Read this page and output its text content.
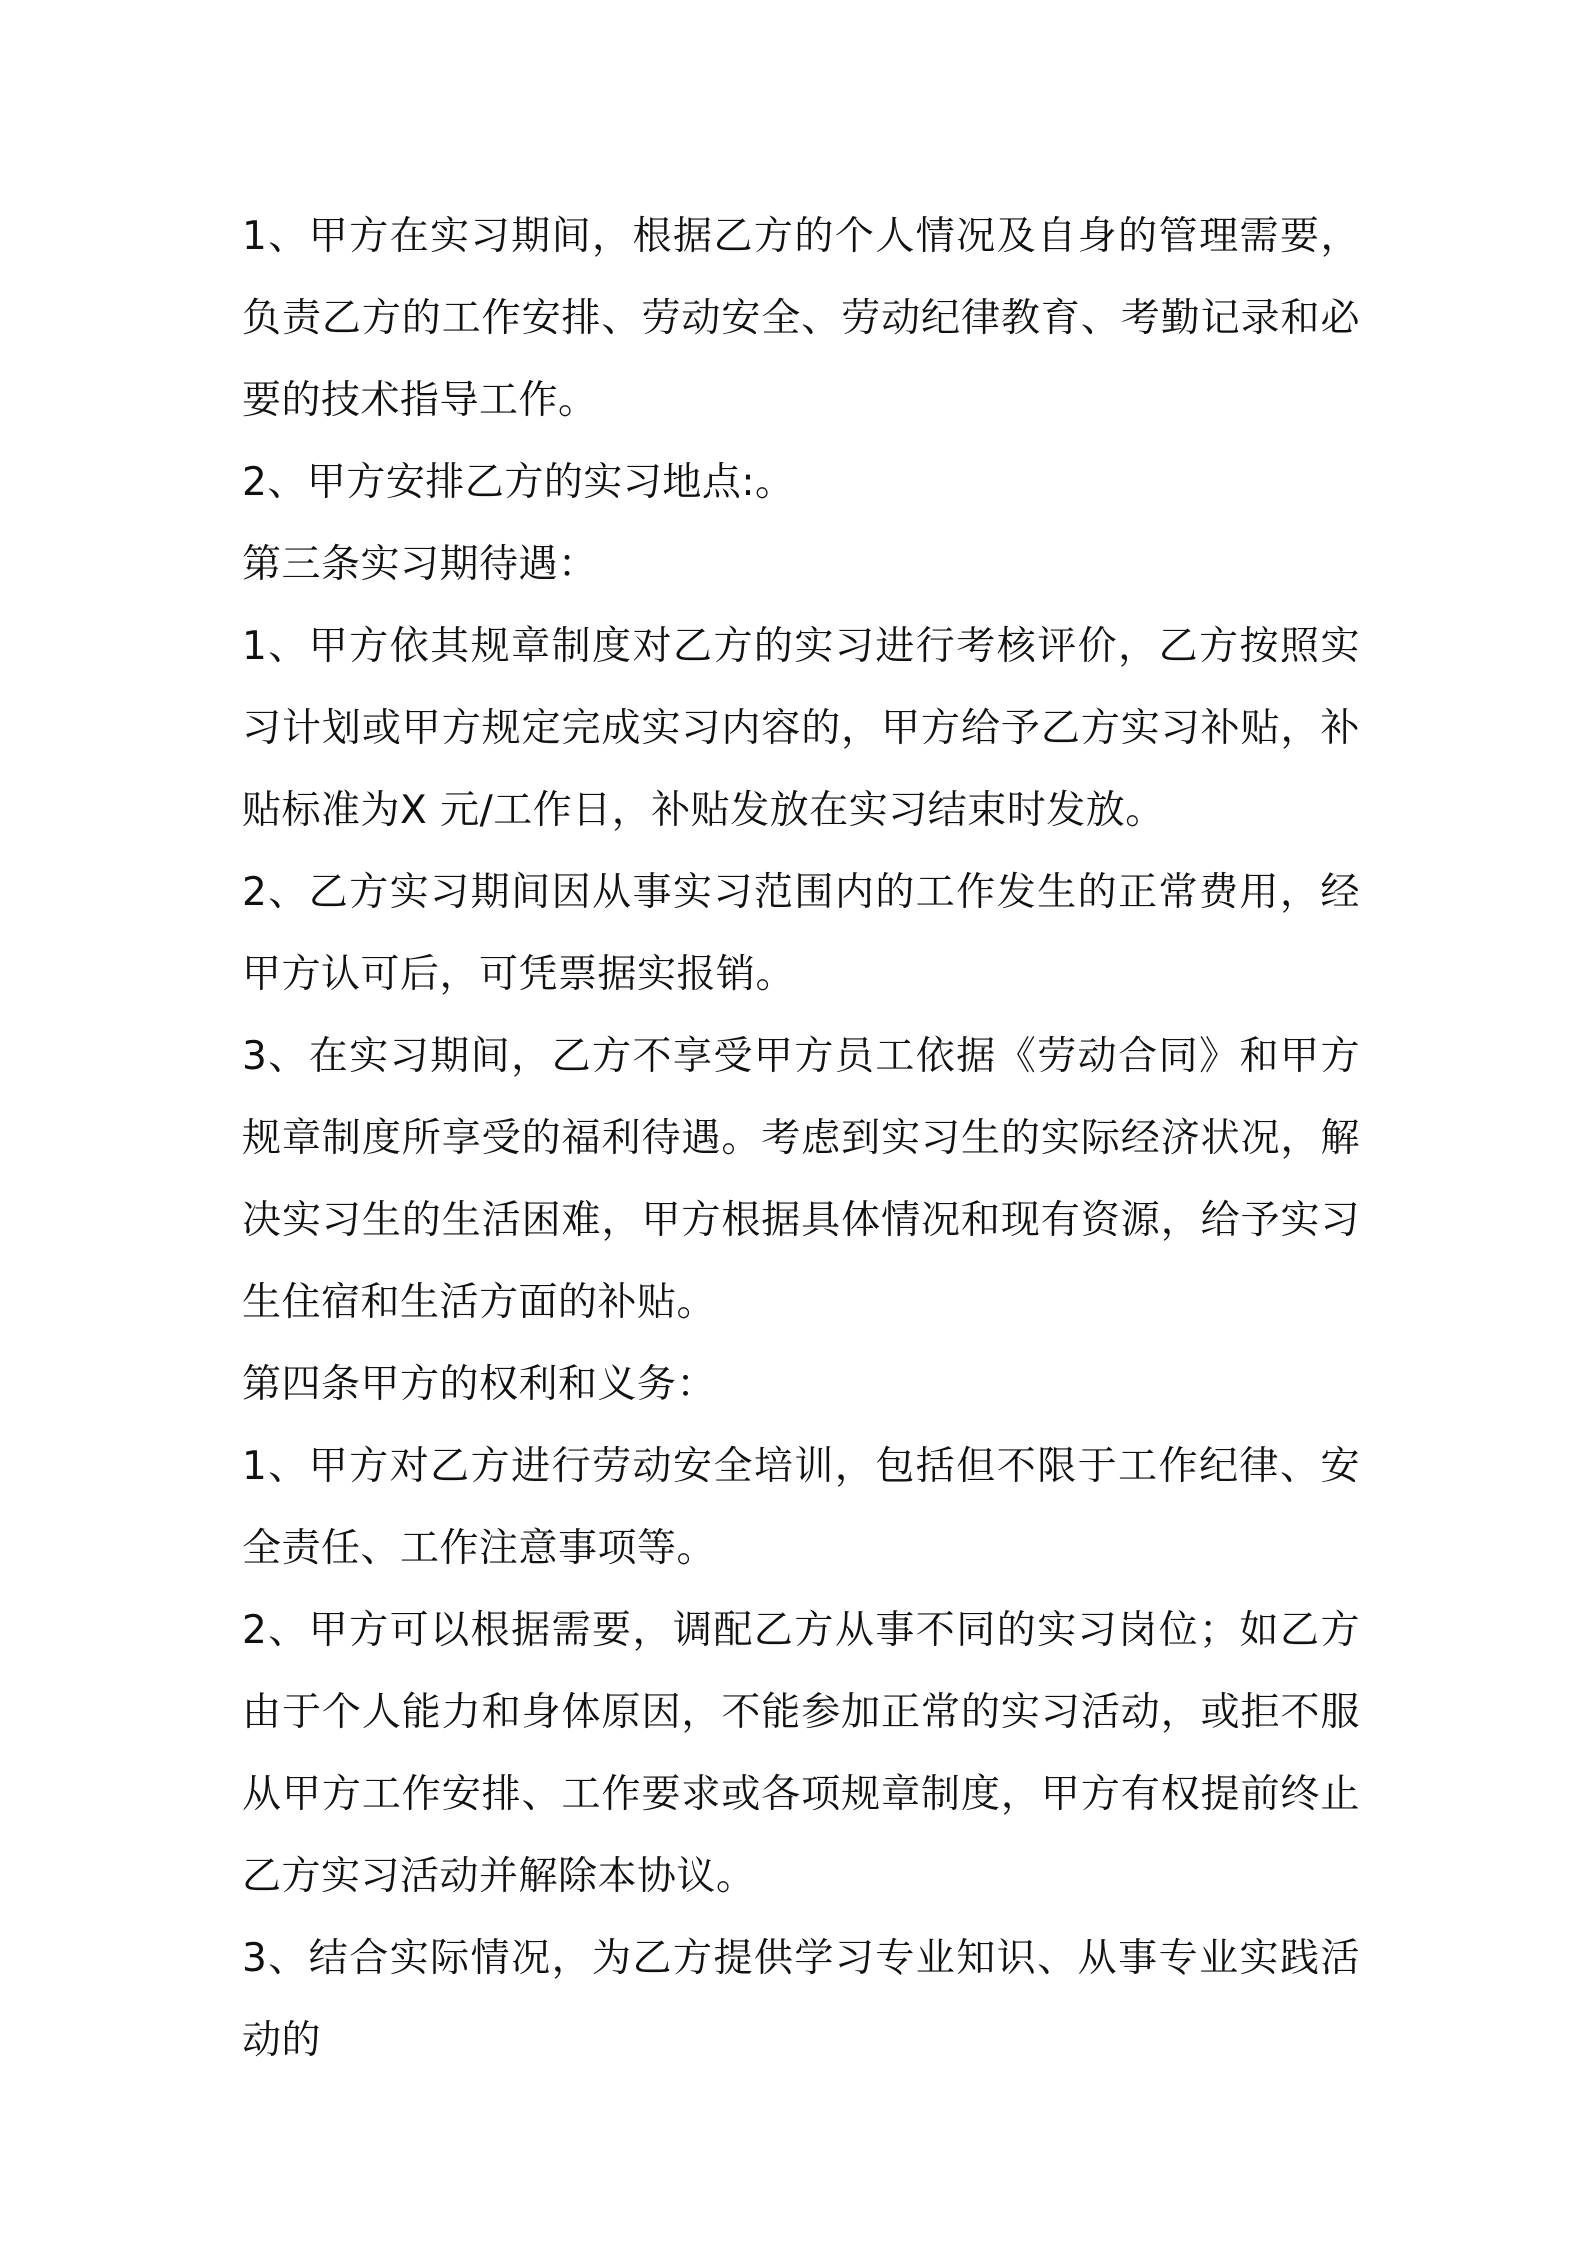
1、甲方在实习期间，根据乙方的个人情况及自身的管理需要，负责乙方的工作安排、劳动安全、劳动纪律教育、考勤记录和必要的技术指导工作。

2、甲方安排乙方的实习地点:。

第三条实习期待遇：

1、甲方依其规章制度对乙方的实习进行考核评价，乙方按照实习计划或甲方规定完成实习内容的，甲方给予乙方实习补贴，补贴标准为X 元/工作日，补贴发放在实习结束时发放。

2、乙方实习期间因从事实习范围内的工作发生的正常费用，经甲方认可后，可凭票据实报销。

3、在实习期间，乙方不享受甲方员工依据《劳动合同》和甲方规章制度所享受的福利待遇。考虑到实习生的实际经济状况，解决实习生的生活困难，甲方根据具体情况和现有资源，给予实习生住宿和生活方面的补贴。

第四条甲方的权利和义务：

1、甲方对乙方进行劳动安全培训，包括但不限于工作纪律、安全责任、工作注意事项等。

2、甲方可以根据需要，调配乙方从事不同的实习岗位；如乙方由于个人能力和身体原因，不能参加正常的实习活动，或拒不服从甲方工作安排、工作要求或各项规章制度，甲方有权提前终止乙方实习活动并解除本协议。

3、结合实际情况，为乙方提供学习专业知识、从事专业实践活动的
